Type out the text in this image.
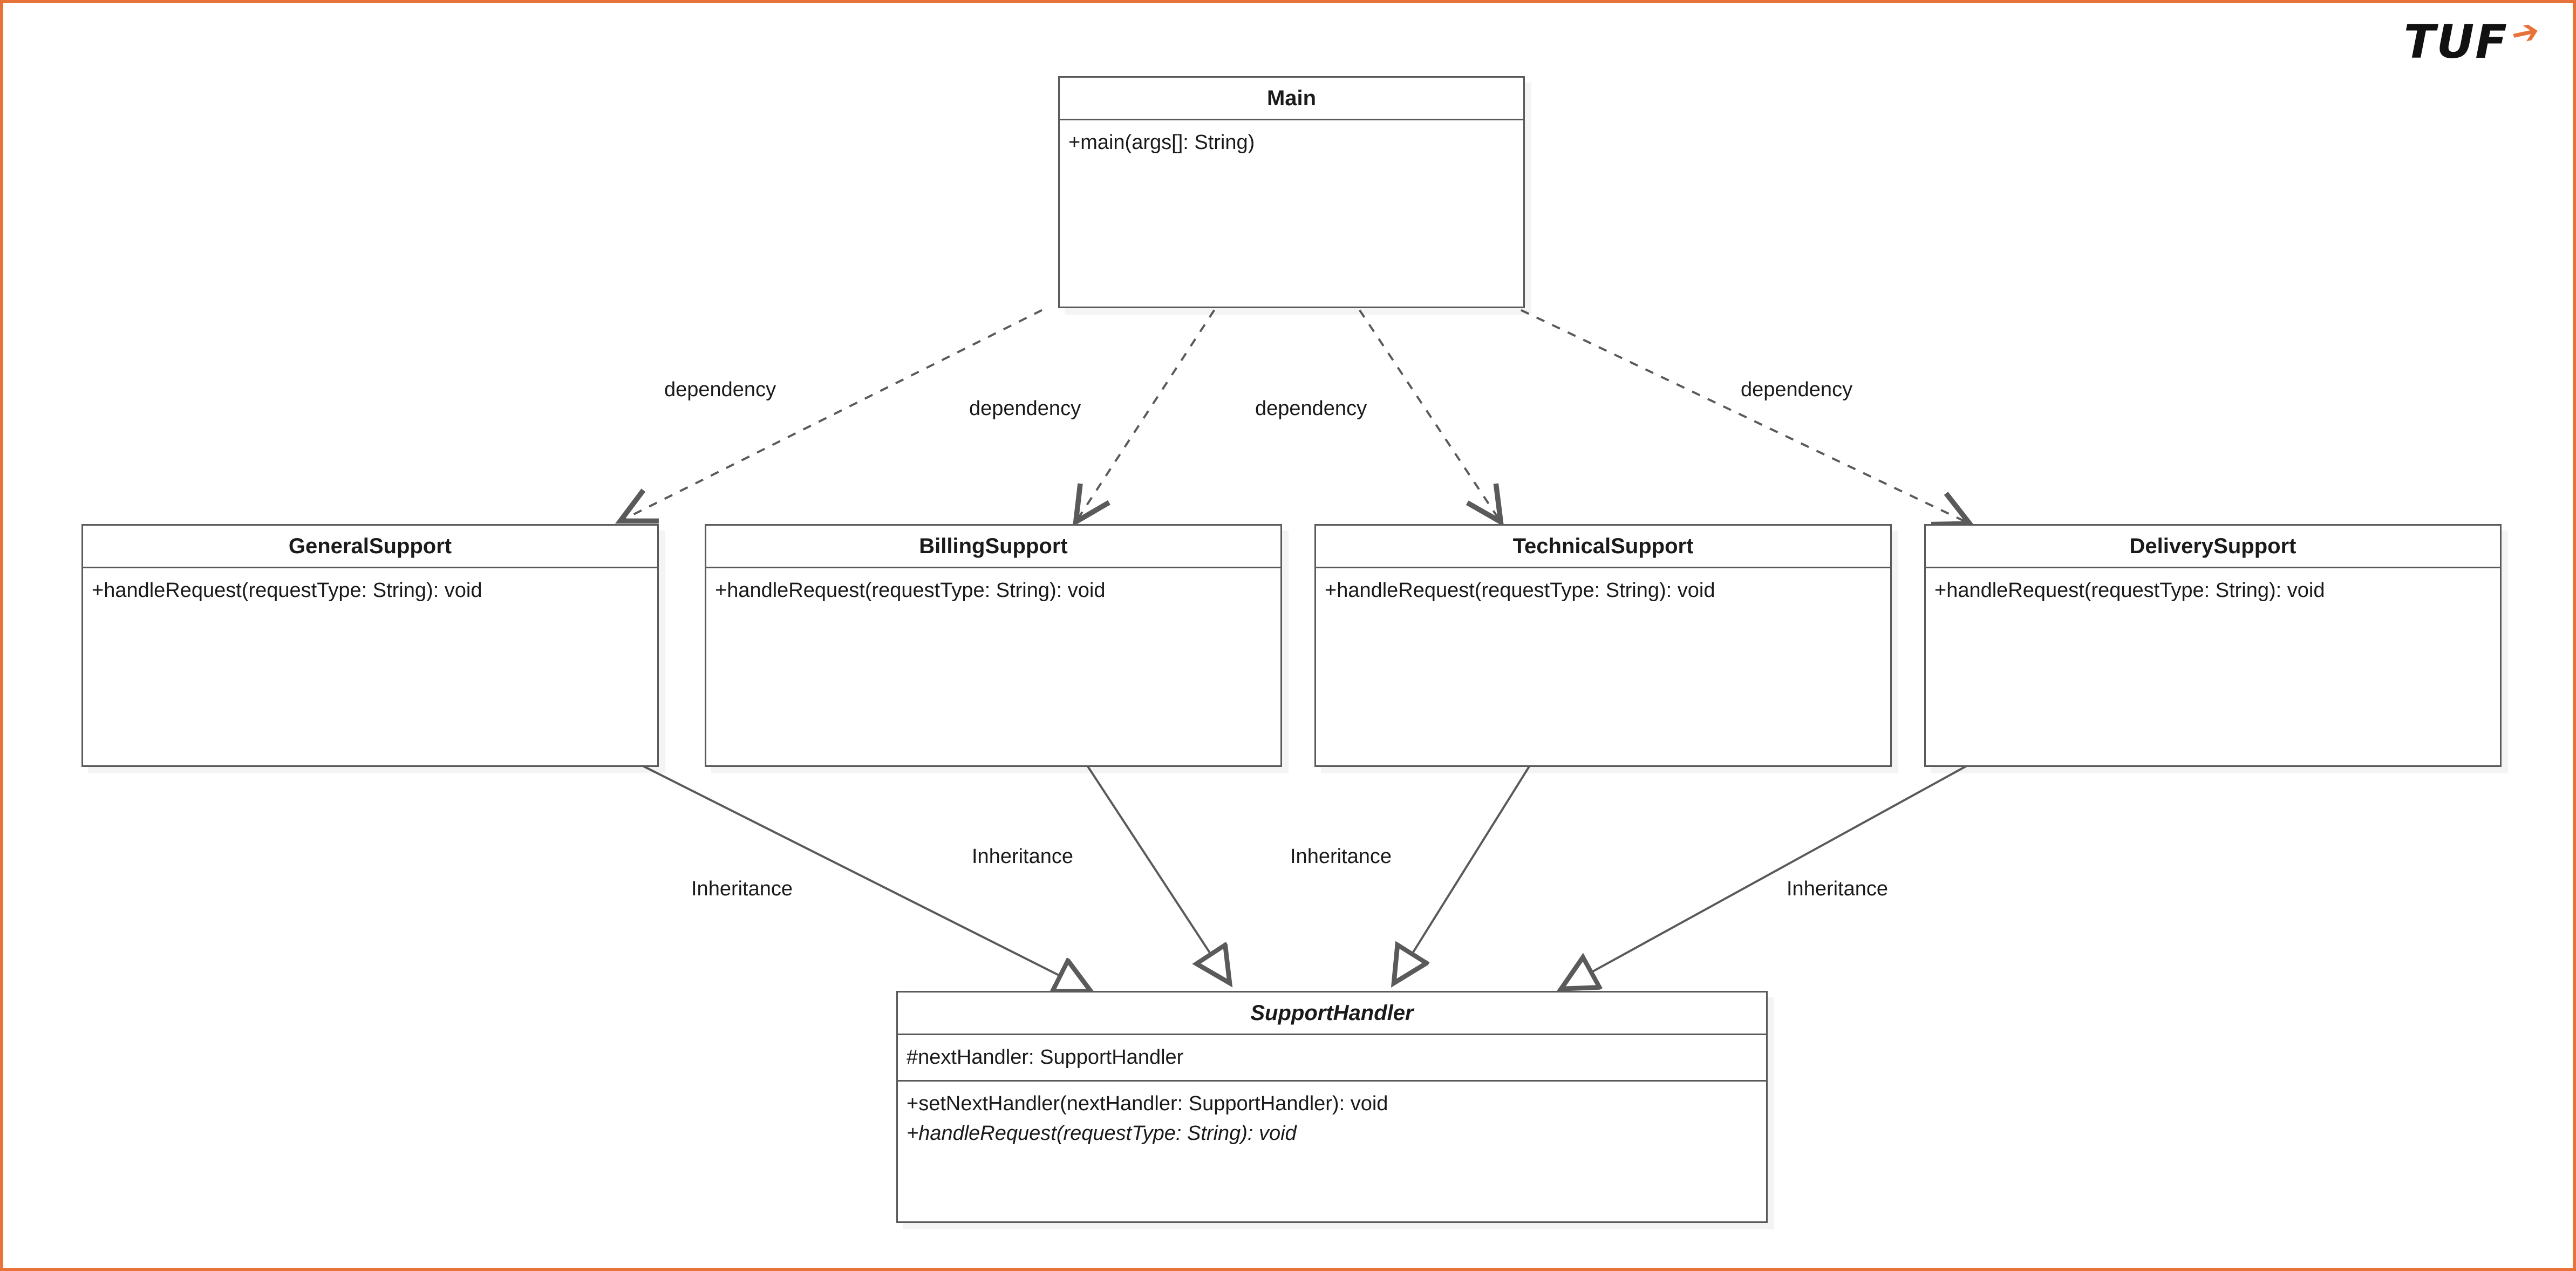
TUF
➔
Main
+main(args[]: String)
GeneralSupport
+handleRequest(requestType: String): void
BillingSupport
+handleRequest(requestType: String): void
TechnicalSupport
+handleRequest(requestType: String): void
DeliverySupport
+handleRequest(requestType: String): void
SupportHandler
#nextHandler: SupportHandler
+setNextHandler(nextHandler: SupportHandler): void
+handleRequest(requestType: String): void
dependency
dependency	dependency
dependency
Inheritance
Inheritance	Inheritance
Inheritance
